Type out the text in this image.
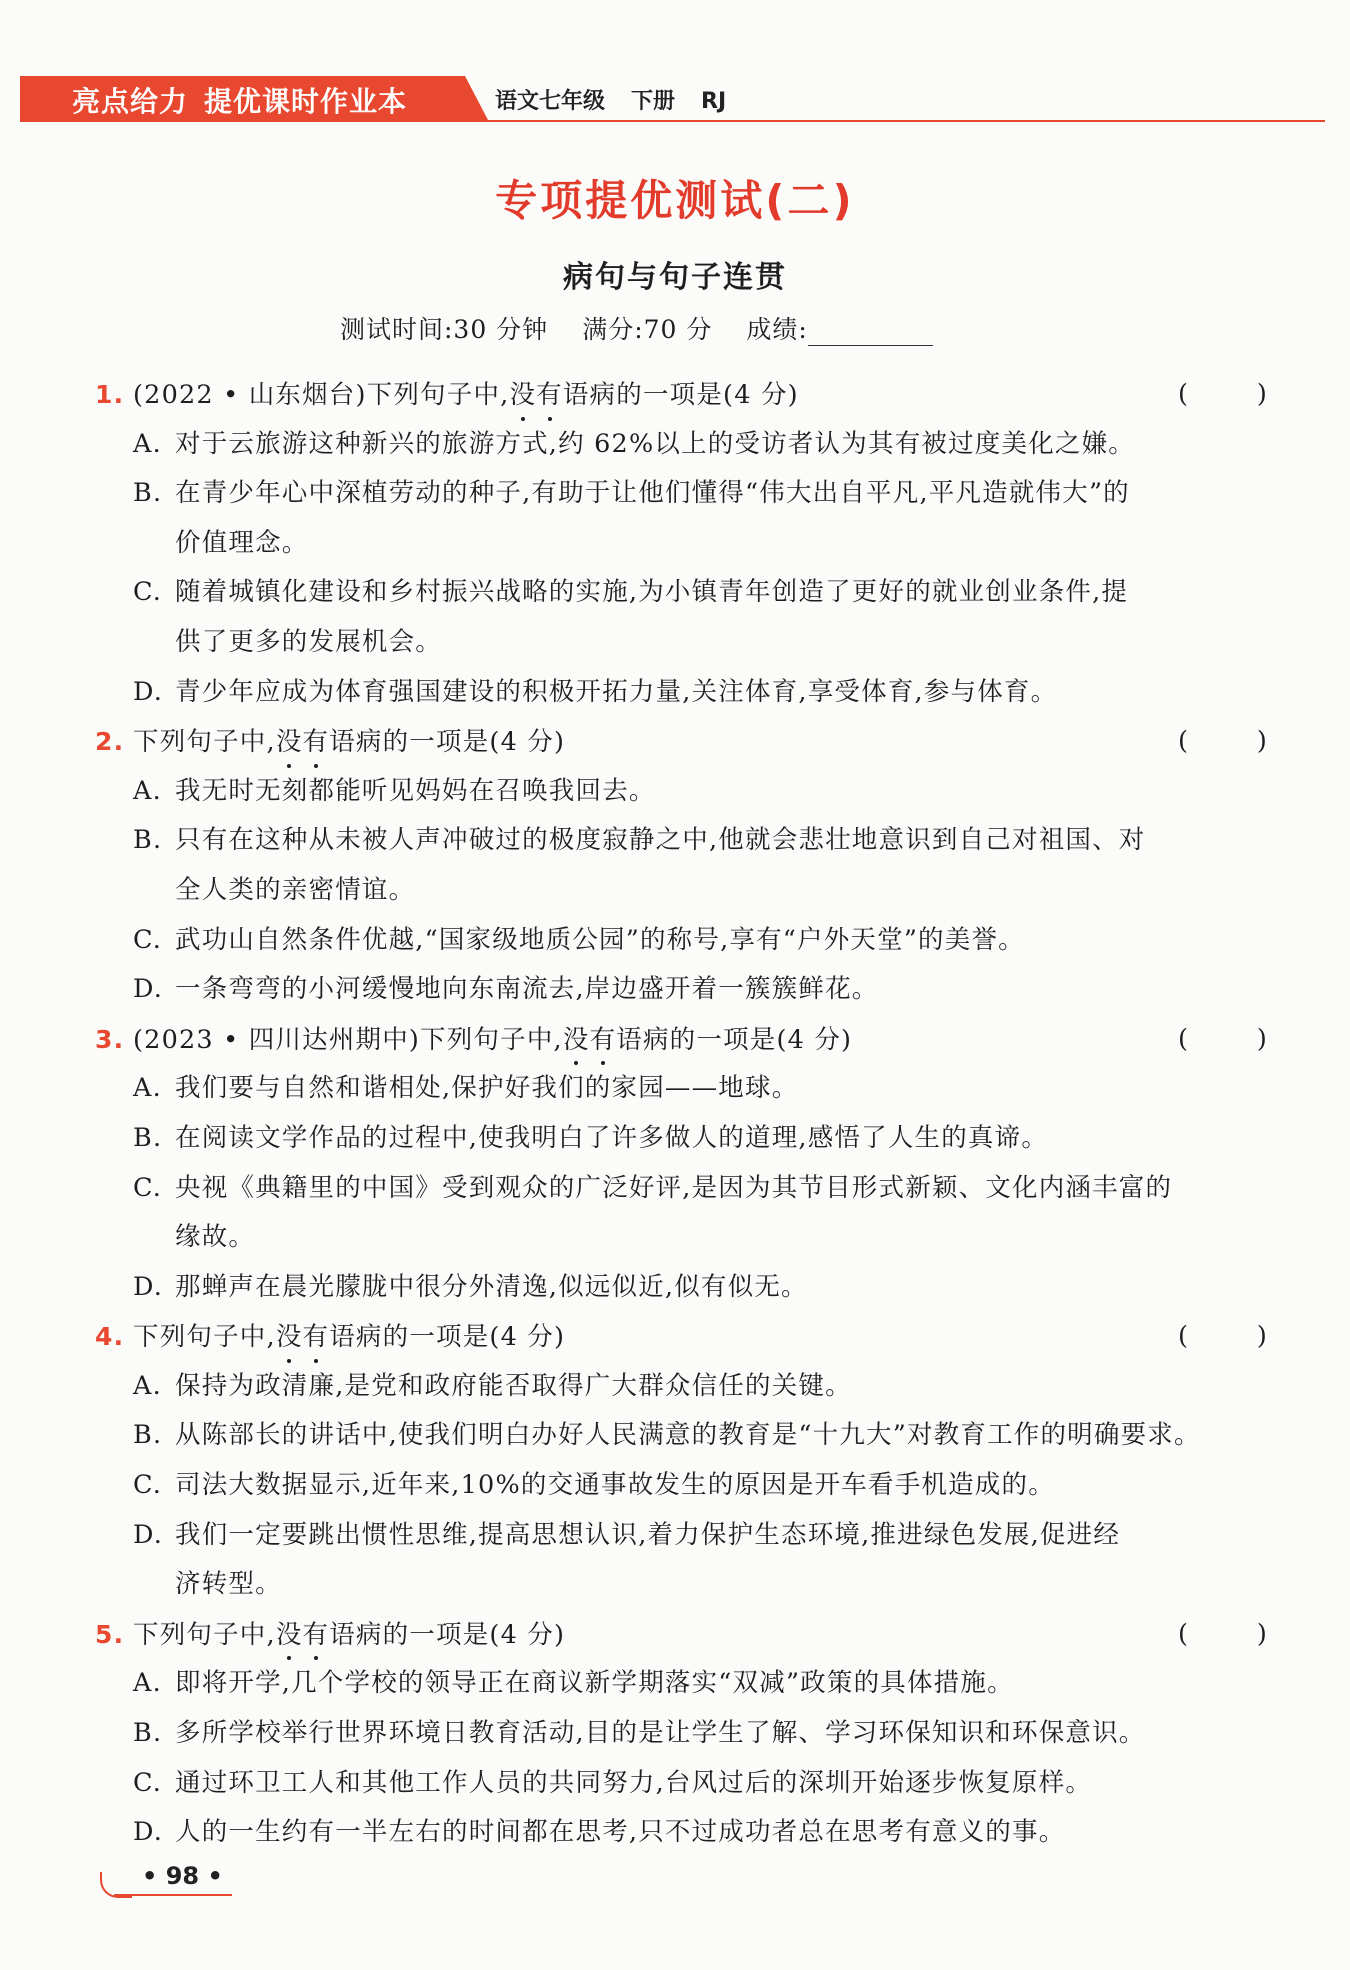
亮点给力 提优课时作业本	语文七年级 下册 RJ
专项提优测试(二)
病句与句子连贯
测试时间:30 分钟 满分:70 分 成绩:
1. (2022 • 山东烟台)下列句子中,没有语病的一项是(4 分)	(	)
A. 对于云旅游这种新兴的旅游方式,约 62%以上的受访者认为其有被过度美化之嫌。
B. 在青少年心中深植劳动的种子,有助于让他们懂得“伟大出自平凡,平凡造就伟大”的
价值理念。
C. 随着城镇化建设和乡村振兴战略的实施,为小镇青年创造了更好的就业创业条件,提
供了更多的发展机会。
D. 青少年应成为体育强国建设的积极开拓力量,关注体育,享受体育,参与体育。
2. 下列句子中,没有语病的一项是(4 分)	(	)
A. 我无时无刻都能听见妈妈在召唤我回去。
B. 只有在这种从未被人声冲破过的极度寂静之中,他就会悲壮地意识到自己对祖国、对
全人类的亲密情谊。
C. 武功山自然条件优越,“国家级地质公园”的称号,享有“户外天堂”的美誉。
D. 一条弯弯的小河缓慢地向东南流去,岸边盛开着一簇簇鲜花。
3. (2023 • 四川达州期中)下列句子中,没有语病的一项是(4 分)	(	)
A. 我们要与自然和谐相处,保护好我们的家园——地球。
B. 在阅读文学作品的过程中,使我明白了许多做人的道理,感悟了人生的真谛。
C. 央视《典籍里的中国》受到观众的广泛好评,是因为其节目形式新颖、文化内涵丰富的
缘故。
D. 那蝉声在晨光朦胧中很分外清逸,似远似近,似有似无。
4. 下列句子中,没有语病的一项是(4 分)	(	)
A. 保持为政清廉,是党和政府能否取得广大群众信任的关键。
B. 从陈部长的讲话中,使我们明白办好人民满意的教育是“十九大”对教育工作的明确要求。
C. 司法大数据显示,近年来,10%的交通事故发生的原因是开车看手机造成的。
D. 我们一定要跳出惯性思维,提高思想认识,着力保护生态环境,推进绿色发展,促进经
济转型。
5. 下列句子中,没有语病的一项是(4 分)	(	)
A. 即将开学,几个学校的领导正在商议新学期落实“双减”政策的具体措施。
B. 多所学校举行世界环境日教育活动,目的是让学生了解、学习环保知识和环保意识。
C. 通过环卫工人和其他工作人员的共同努力,台风过后的深圳开始逐步恢复原样。
D. 人的一生约有一半左右的时间都在思考,只不过成功者总在思考有意义的事。
• 98 •
